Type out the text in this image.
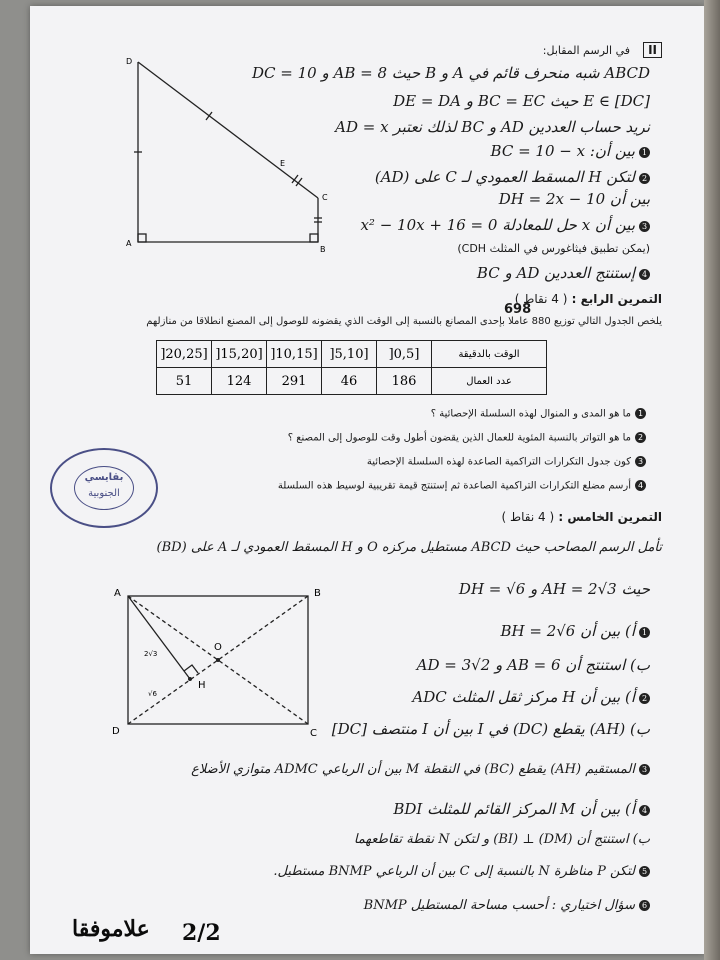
II
في الرسم المقابل:
ABCD شبه منحرف قائم في A و B حيث AB = 8 و DC = 10
E ∈ [DC] حيث BC = EC و DE = DA
نريد حساب العددين AD و BC لذلك نعتبر AD = x
1بين أن: BC = 10 − x
2لتكن H المسقط العمودي لـ C على (AD)
بين أن DH = 2x − 10
3بين أن x حل للمعادلة x² − 10x + 16 = 0
(يمكن تطبيق فيثاغورس في المثلث CDH)
4إستنتج العددين AD و BC
D
A
B
C
E
التمرين الرابع : ( 4 نقاط )
698
يلخص الجدول التالي توزيع 880 عاملا بإحدى المصانع بالنسبة إلى الوقت الذي يقضونه للوصول إلى المصنع انطلاقا من منازلهم
الوقت بالدقيقة	[0,5[	[5,10[	[10,15[	[15,20[	[20,25[
عدد العمال	186	46	291	124	51
1ما هو المدى و المنوال لهذه السلسلة الإحصائية ؟
2ما هو التواتر بالنسبة المئوية للعمال الذين يقضون أطول وقت للوصول إلى المصنع ؟
3كون جدول التكرارات التراكمية الصاعدة لهذه السلسلة الإحصائية
4أرسم مضلع التكرارات التراكمية الصاعدة ثم إستنتج قيمة تقريبية لوسيط هذه السلسلة
بقايسي
الجنوبية
التمرين الخامس : ( 4 نقاط )
تأمل الرسم المصاحب حيث ABCD مستطيل مركزه O و H المسقط العمودي لـ A على (BD)
حيث AH = 2√3 و DH = √6
1أ) بين أن BH = 2√6
ب) استنتج أن AB = 6 و AD = 3√2
2أ) بين أن H مركز ثقل المثلث ADC
ب) (AH) يقطع (DC) في I بين أن I منتصف [DC]
3المستقيم (AH) يقطع (BC) في النقطة M بين أن الرباعي ADMC متوازي الأضلاع
4أ) بين أن M المركز القائم للمثلث BDI
ب) استنتج أن (DM) ⊥ (BI) و لتكن N نقطة تقاطعهما
5لتكن P مناظرة N بالنسبة إلى C بين أن الرباعي BNMP مستطيل.
6سؤال اختياري : أحسب مساحة المستطيل BNMP
A	B
C
D
O
H
2√3
√6
علاموفقا 2/2
